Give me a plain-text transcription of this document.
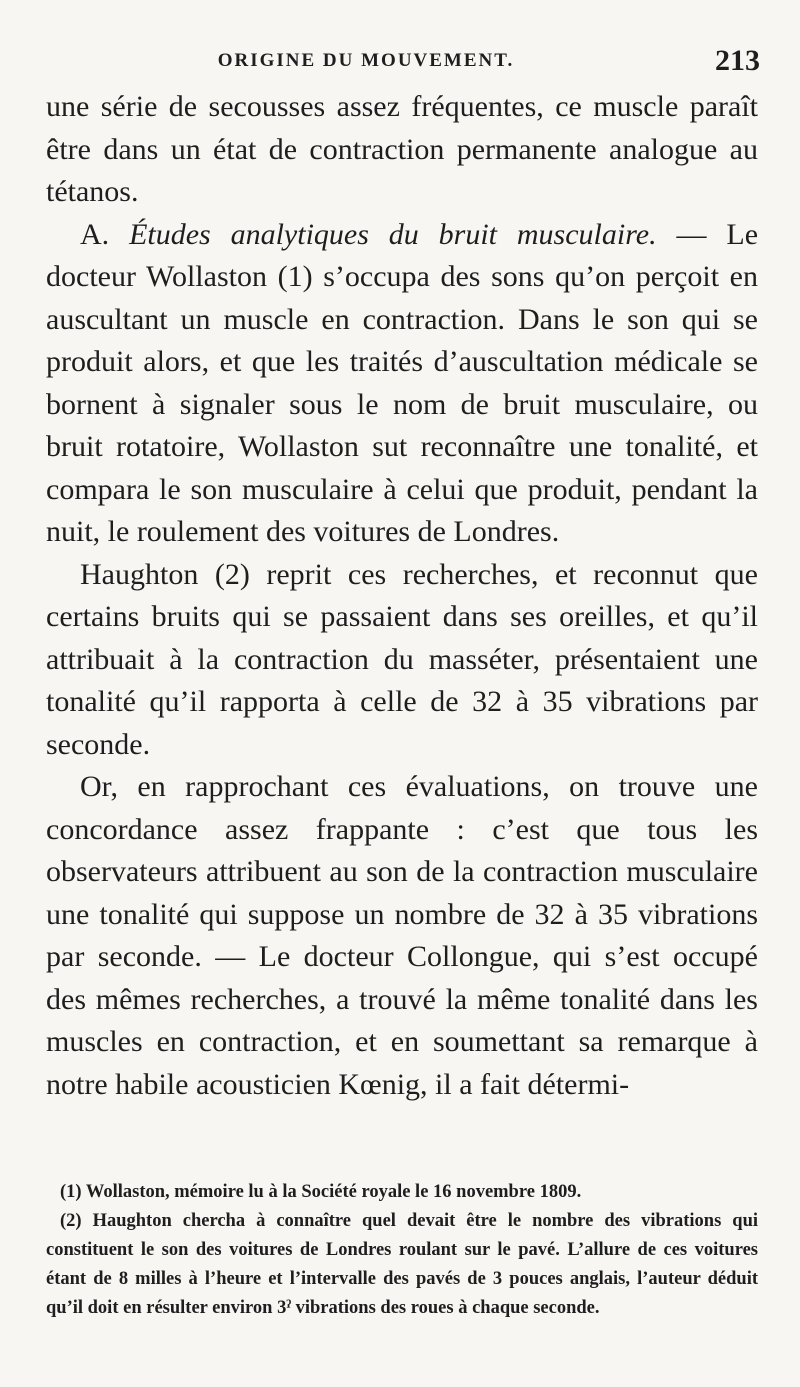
ORIGINE DU MOUVEMENT.	213

une série de secousses assez fréquentes, ce muscle paraît être dans un état de contraction permanente analogue au tétanos.

A. Études analytiques du bruit musculaire. — Le docteur Wollaston (1) s’occupa des sons qu’on perçoit en auscultant un muscle en contraction. Dans le son qui se produit alors, et que les traités d’auscultation médicale se bornent à signaler sous le nom de bruit musculaire, ou bruit rotatoire, Wollaston sut reconnaître une tonalité, et compara le son musculaire à celui que produit, pendant la nuit, le roulement des voitures de Londres.

Haughton (2) reprit ces recherches, et reconnut que certains bruits qui se passaient dans ses oreilles, et qu’il attribuait à la contraction du masséter, présentaient une tonalité qu’il rapporta à celle de 32 à 35 vibrations par seconde.

Or, en rapprochant ces évaluations, on trouve une concordance assez frappante : c’est que tous les observateurs attribuent au son de la contraction musculaire une tonalité qui suppose un nombre de 32 à 35 vibrations par seconde. — Le docteur Collongue, qui s’est occupé des mêmes recherches, a trouvé la même tonalité dans les muscles en contraction, et en soumettant sa remarque à notre habile acousticien Kœnig, il a fait détermi-

(1) Wollaston, mémoire lu à la Société royale le 16 novembre 1809.

(2) Haughton chercha à connaître quel devait être le nombre des vibrations qui constituent le son des voitures de Londres roulant sur le pavé. L’allure de ces voitures étant de 8 milles à l’heure et l’intervalle des pavés de 3 pouces anglais, l’auteur déduit qu’il doit en résulter environ 3ˀ vibrations des roues à chaque seconde.
